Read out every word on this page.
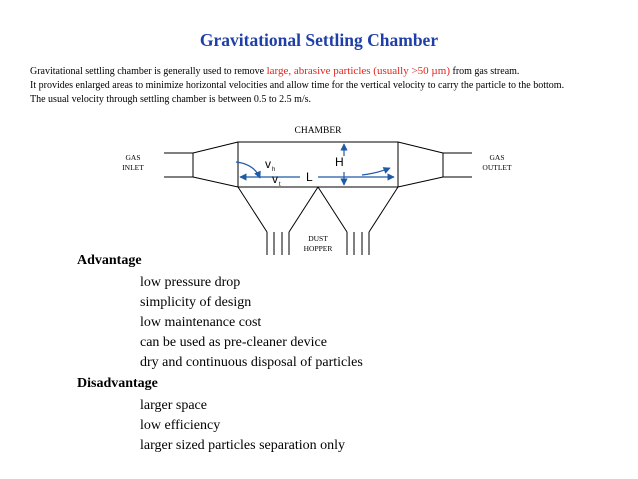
Gravitational Settling Chamber
Gravitational settling chamber is generally used to remove large, abrasive particles (usually >50 µm) from gas stream.
It provides enlarged areas to minimize horizontal velocities and allow time for the vertical velocity to carry the particle to the bottom.
The usual velocity through settling chamber is between 0.5 to 2.5 m/s.
CHAMBER
GAS
INLET
GAS
OUTLET
DUST
HOPPER
v h
v t
H
L
Advantage
low pressure drop
simplicity of design
low maintenance cost
can be used as pre-cleaner device
dry and continuous disposal of particles
Disadvantage
larger space
low efficiency
larger sized particles separation only
